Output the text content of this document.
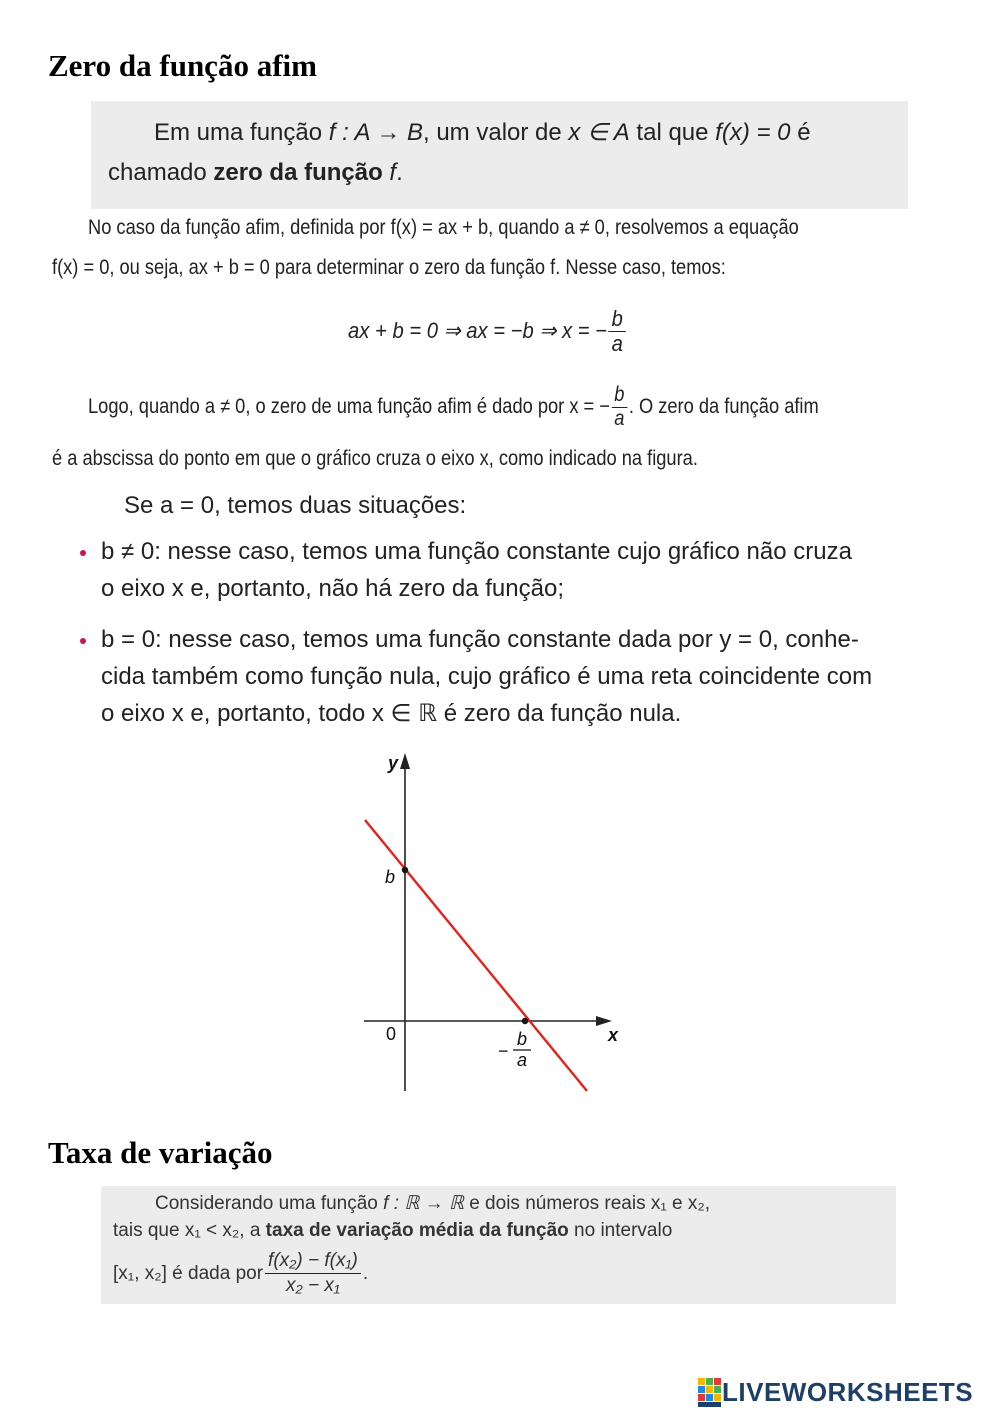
Zero da função afim
Em uma função f : A → B, um valor de x ∈ A tal que f(x) = 0 é
chamado zero da função f.
No caso da função afim, definida por f(x) = ax + b, quando a ≠ 0, resolvemos a equação
f(x) = 0, ou seja, ax + b = 0 para determinar o zero da função f. Nesse caso, temos:
ax + b = 0 ⇒ ax = −b ⇒ x = − $\frac{b}{a}$
Logo, quando a ≠ 0, o zero de uma função afim é dado por x = − $\frac{b}{a}$ . O zero da função afim
é a abscissa do ponto em que o gráfico cruza o eixo x, como indicado na figura.
Se a = 0, temos duas situações:
b ≠ 0: nesse caso, temos uma função constante cujo gráfico não cruza
o eixo x e, portanto, não há zero da função;
b = 0: nesse caso, temos uma função constante dada por y = 0, conhe-
cida também como função nula, cujo gráfico é uma reta coincidente com
o eixo x e, portanto, todo x ∈ ℝ é zero da função nula.
y
x
0
b
−
b
a
Taxa de variação
Considerando uma função f : ℝ → ℝ e dois números reais x₁ e x₂,
tais que x₁ < x₂, a taxa de variação média da função no intervalo
[x₁, x₂] é dada por $\frac{\text{f(x₂) − f(x₁)}}{\text{x₂ − x₁}}$ .
LIVEWORKSHEETS
